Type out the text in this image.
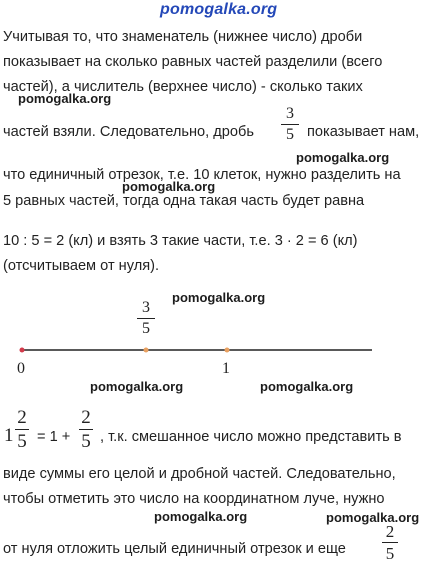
pomogalka.org
pomogalka.org
pomogalka.org
pomogalka.org
pomogalka.org
pomogalka.org	pomogalka.org
pomogalka.org	pomogalka.org
Учитывая то, что знаменатель (нижнее число) дроби
показывает на сколько равных частей разделили (всего
частей), а числитель (верхнее число) - сколько таких
частей взяли. Следовательно, дробь
3
5 показывает нам,
что единичный отрезок, т.е. 10 клеток, нужно разделить на
5 равных частей, тогда одна такая часть будет равна
10 : 5 = 2 (кл) и взять 3 такие части, т.е. 3 · 2 = 6 (кл)
(отсчитываем от нуля).
3
5
0	1
1
2
5 = 1 +
2
5 , т.к. смешанное число можно представить в
виде суммы его целой и дробной частей. Следовательно,
чтобы отметить это число на координатном луче, нужно
от нуля отложить целый единичный отрезок и еще
2
5
